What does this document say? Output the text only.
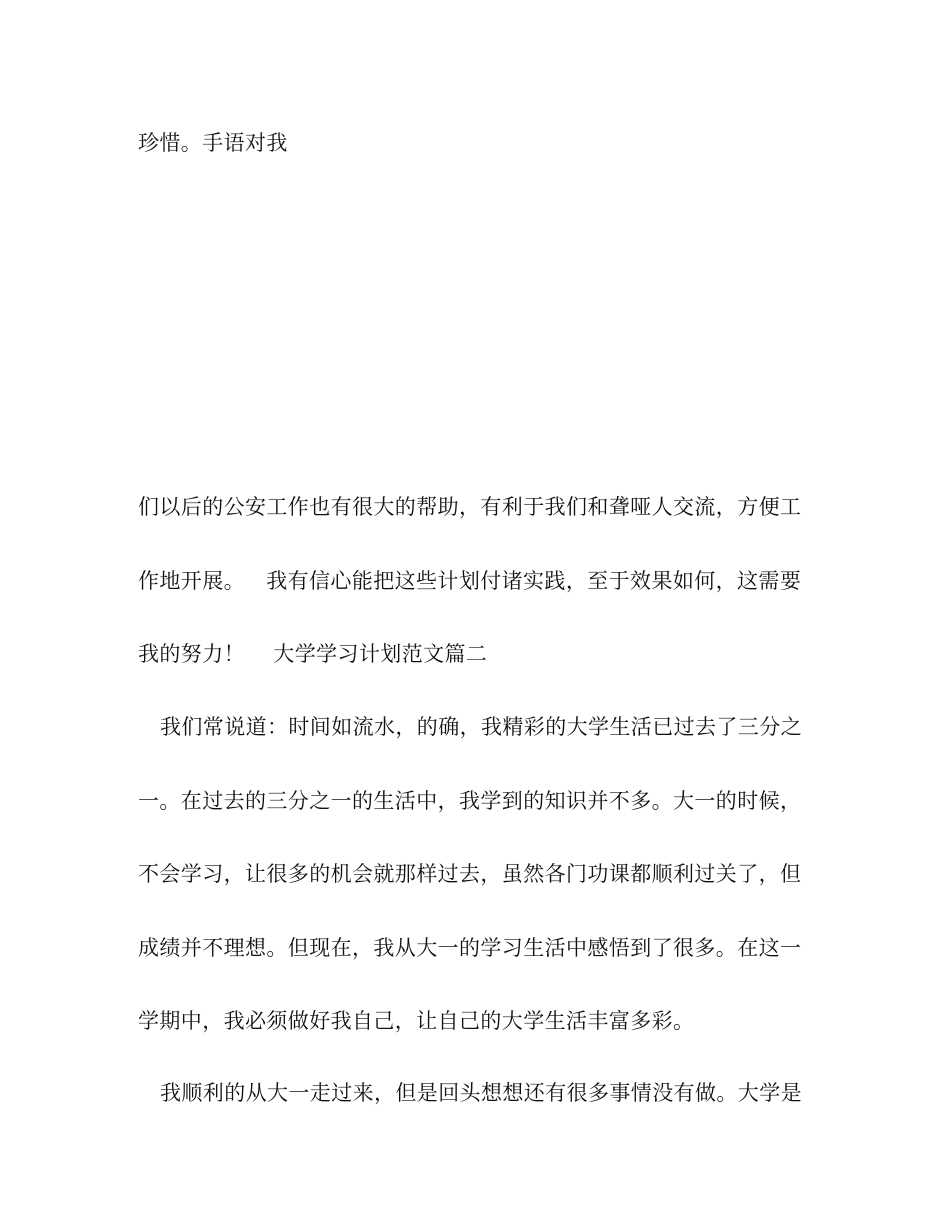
珍惜。手语对我

们以后的公安工作也有很大的帮助，有利于我们和聋哑人交流，方便工

作地开展。   我有信心能把这些计划付诸实践，至于效果如何，这需要

我的努力！    大学学习计划范文篇二

我们常说道：时间如流水，的确，我精彩的大学生活已过去了三分之

一。在过去的三分之一的生活中，我学到的知识并不多。大一的时候，

不会学习，让很多的机会就那样过去，虽然各门功课都顺利过关了，但

成绩并不理想。但现在，我从大一的学习生活中感悟到了很多。在这一

学期中，我必须做好我自己，让自己的大学生活丰富多彩。

我顺利的从大一走过来，但是回头想想还有很多事情没有做。大学是
